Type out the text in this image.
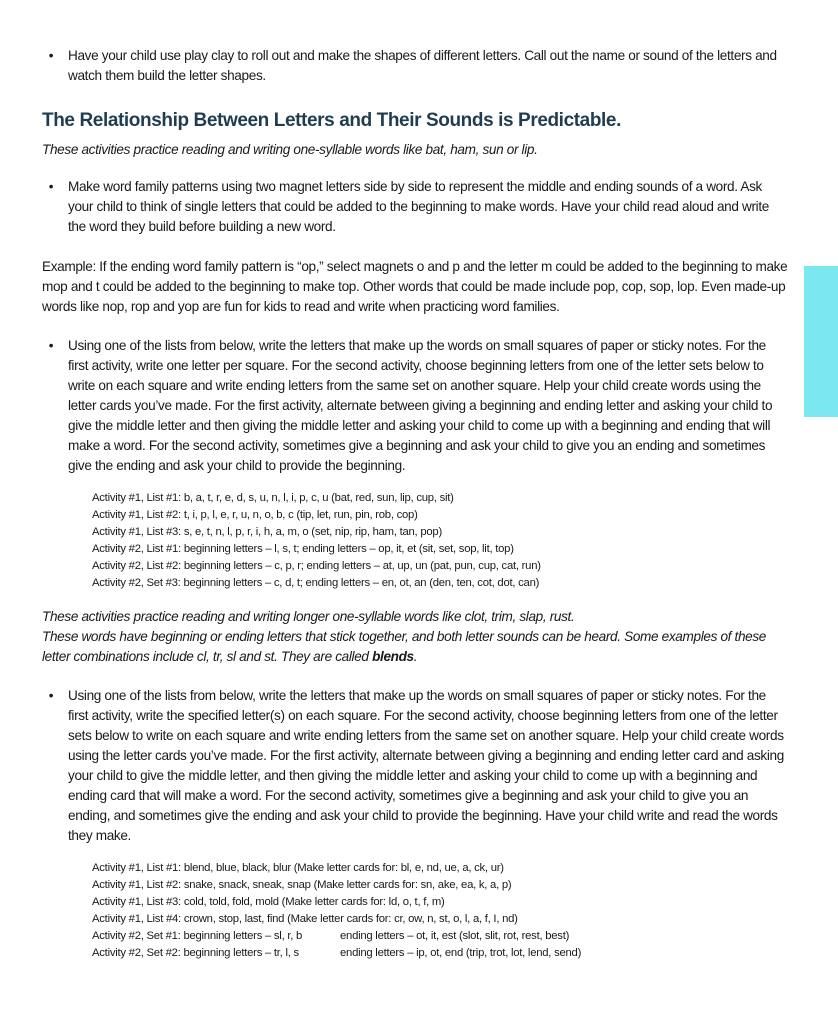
•	Have your child use play clay to roll out and make the shapes of different letters. Call out the name or sound of the letters and watch them build the letter shapes.
The Relationship Between Letters and Their Sounds is Predictable.
These activities practice reading and writing one-syllable words like bat, ham, sun or lip.
•	Make word family patterns using two magnet letters side by side to represent the middle and ending sounds of a word. Ask your child to think of single letters that could be added to the beginning to make words. Have your child read aloud and write the word they build before building a new word.
Example: If the ending word family pattern is “op,” select magnets o and p and the letter m could be added to the beginning to make mop and t could be added to the beginning to make top. Other words that could be made include pop, cop, sop, lop. Even made-up words like nop, rop and yop are fun for kids to read and write when practicing word families.
•	Using one of the lists from below, write the letters that make up the words on small squares of paper or sticky notes. For the first activity, write one letter per square. For the second activity, choose beginning letters from one of the letter sets below to write on each square and write ending letters from the same set on another square. Help your child create words using the letter cards you’ve made. For the first activity, alternate between giving a beginning and ending letter and asking your child to give the middle letter and then giving the middle letter and asking your child to come up with a beginning and ending that will make a word. For the second activity, sometimes give a beginning and ask your child to give you an ending and sometimes give the ending and ask your child to provide the beginning.
Activity #1, List #1: b, a, t, r, e, d, s, u, n, l, i, p, c, u (bat, red, sun, lip, cup, sit)
Activity #1, List #2: t, i, p, l, e, r, u, n, o, b, c (tip, let, run, pin, rob, cop)
Activity #1, List #3: s, e, t, n, l, p, r, i, h, a, m, o (set, nip, rip, ham, tan, pop)
Activity #2, List #1: beginning letters – l, s, t; ending letters – op, it, et (sit, set, sop, lit, top)
Activity #2, List #2: beginning letters – c, p, r; ending letters – at, up, un (pat, pun, cup, cat, run)
Activity #2, Set #3: beginning letters – c, d, t; ending letters – en, ot, an (den, ten, cot, dot, can)
These activities practice reading and writing longer one-syllable words like clot, trim, slap, rust.
These words have beginning or ending letters that stick together, and both letter sounds can be heard. Some examples of these letter combinations include cl, tr, sl and st. They are called blends.
•	Using one of the lists from below, write the letters that make up the words on small squares of paper or sticky notes. For the first activity, write the specified letter(s) on each square. For the second activity, choose beginning letters from one of the letter sets below to write on each square and write ending letters from the same set on another square. Help your child create words using the letter cards you’ve made. For the first activity, alternate between giving a beginning and ending letter card and asking your child to give the middle letter, and then giving the middle letter and asking your child to come up with a beginning and ending card that will make a word. For the second activity, sometimes give a beginning and ask your child to give you an ending, and sometimes give the ending and ask your child to provide the beginning. Have your child write and read the words they make.
Activity #1, List #1: blend, blue, black, blur (Make letter cards for: bl, e, nd, ue, a, ck, ur)
Activity #1, List #2: snake, snack, sneak, snap (Make letter cards for: sn, ake, ea, k, a, p)
Activity #1, List #3: cold, told, fold, mold (Make letter cards for: ld, o, t, f, m)
Activity #1, List #4: crown, stop, last, find (Make letter cards for: cr, ow, n, st, o, l, a, f, I, nd)
Activity #2, Set #1: beginning letters – sl, r, b	ending letters – ot, it, est (slot, slit, rot, rest, best)
Activity #2, Set #2: beginning letters – tr, l, s	ending letters – ip, ot, end (trip, trot, lot, lend, send)
